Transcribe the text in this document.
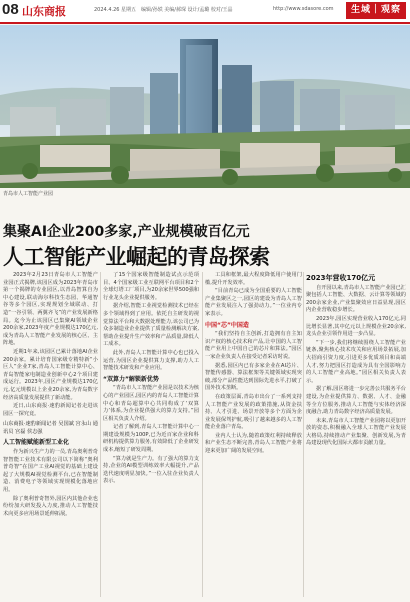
08 山东商报	2024.4.26 星期五　编辑/孙轶 美编/郝琛 设计/孟璐 校对/王晶	http://www.sdasore.com	⽣域｜观察
青岛市人工智能产业园
集聚AI企业200多家,产业规模破百亿元
人工智能产业崛起的青岛探索

2023年2月23日青岛市人工智能产业园正式揭牌,该园区成为2023年青岛市第一个揭牌的专业园区,以青岛智算自为中心建设,联动海尔科技生态园、华通智谷等多个园区,实现规划全域联动、打造“一谷引领、两翼齐飞”的产业发展新格局。迄今为止该园区已集聚AI领域企业200余家,2023年度产业规模达170亿元,成为青岛人工智能产业发展的核心区、主阵地。

近期1年来,该园区已累计落地AI企业200余家。累计培育国家级专精特新“小巨人”企业7家,青岛人工智能计算中心、青岛智能家电制造业创新中心2个项目建成运行。2023年,园区产业规模达170亿元,亿元规模以上企业20余家,为青岛数字经济高质量发展提供了新动能。

近日,山东商报·速豹新闻记者走进该园区一探究竟。

山东商报·速豹新闻记者 吴国斌 宫永山 通讯员 宫磊 侯志强
人工智能赋能新型工业化

作为新兴生产力的一员,青岛奥利普奇智智能工业技术有限公司以下简称“奥利普奇智”在国产工业AI视觉的基础上建设起了大规模AI视觉检测平台,已在智能制造、消费电子等领域实现规模化落地应用。

除了奥利普奇智外,园区内其他企业也纷纷加大研发投入力度,推动人工智能技术向更多应用场景延伸拓展。

了15个国家级智能制造试点示范项目、4个国家级工业互联网平台项目和2个全球灯塔工厂项目,为20余家世界500强和行业龙头企业提供服务。

据介绍,智能工业视觉检测技术已经在多个领域得到了应用。依托自主研发的视觉算法平台和大数据处理能力,该公司已为众多制造业企业提供了质量检测解决方案,帮助企业提升生产效率和产品质量,降低人工成本。

此外,青岛人工智能计算中心也已投入运营,为园区企业提供算力支撑,助力人工智能技术研发和产业应用。

“双算力”解锁新优势

“青岛市人工智能产业园是以技术为核心的产业园区,园区内的青岛人工智能计算中心和青岛超算中心共同构成了‘双算力’体系,为企业提供强大的算力支持。”园区相关负责人介绍。

记者了解到,青岛人工智能计算中心一期建设规模为100P,已为近百家企业和科研机构提供算力服务,有效降低了企业研发成本,缩短了研发周期。

“算力就是生产力。有了强大的算力支持,企业的AI模型训练效率大幅提升,产品迭代速度明显加快。”一位入驻企业负责人表示。

工具和框架,最大程度降低用户使用门槛,提升开发效率。

“目前青岛已成为全国重要的人工智能产业集聚区之一,园区的建设为青岛人工智能产业发展注入了强劲动力。”一位业内专家表示。

中国“芯”中国造

“我们坚持自主创新,打造拥有自主知识产权的核心技术和产品,让中国的人工智能产业用上中国自己的芯片和算法。”园区一家企业负责人在接受记者采访时说。

据悉,园区内已有多家企业在AI芯片、智能传感器、算法框架等关键领域实现突破,部分产品性能达到国际先进水平,打破了国外技术垄断。

在政策层面,青岛市出台了一系列支持人工智能产业发展的政策措施,从资金扶持、人才引进、场景开放等多个方面为企业发展保驾护航,吸引了越来越多的人工智能企业落户青岛。

业内人士认为,随着政策红利持续释放和产业生态不断完善,青岛人工智能产业将迎来更加广阔的发展空间。

2023年营收170亿元

自开园以来,青岛市人工智能产业园已汇聚包括人工智能、大数据、云计算等领域的200余家企业,产业集聚效应日益显现,园区内企业营收稳步增长。

2023年,园区实现营业收入170亿元,同比增长显著,其中亿元以上规模企业20余家,龙头企业引领作用进一步凸显。

“下一步,我们将继续围绕人工智能产业链条,聚焦核心技术攻关和应用场景拓展,加大招商引资力度,引进更多优质项目和高端人才,努力把园区打造成为具有全国影响力的人工智能产业高地。”园区相关负责人表示。

据了解,园区将进一步完善公共服务平台建设,为企业提供算力、数据、人才、金融等全方位服务,推动人工智能与实体经济深度融合,助力青岛数字经济高质量发展。

未来,青岛市人工智能产业园将以更加开放的姿态,积极融入全球人工智能产业发展大格局,持续推动产业集聚、创新发展,为青岛建设现代化国际大都市贡献力量。
